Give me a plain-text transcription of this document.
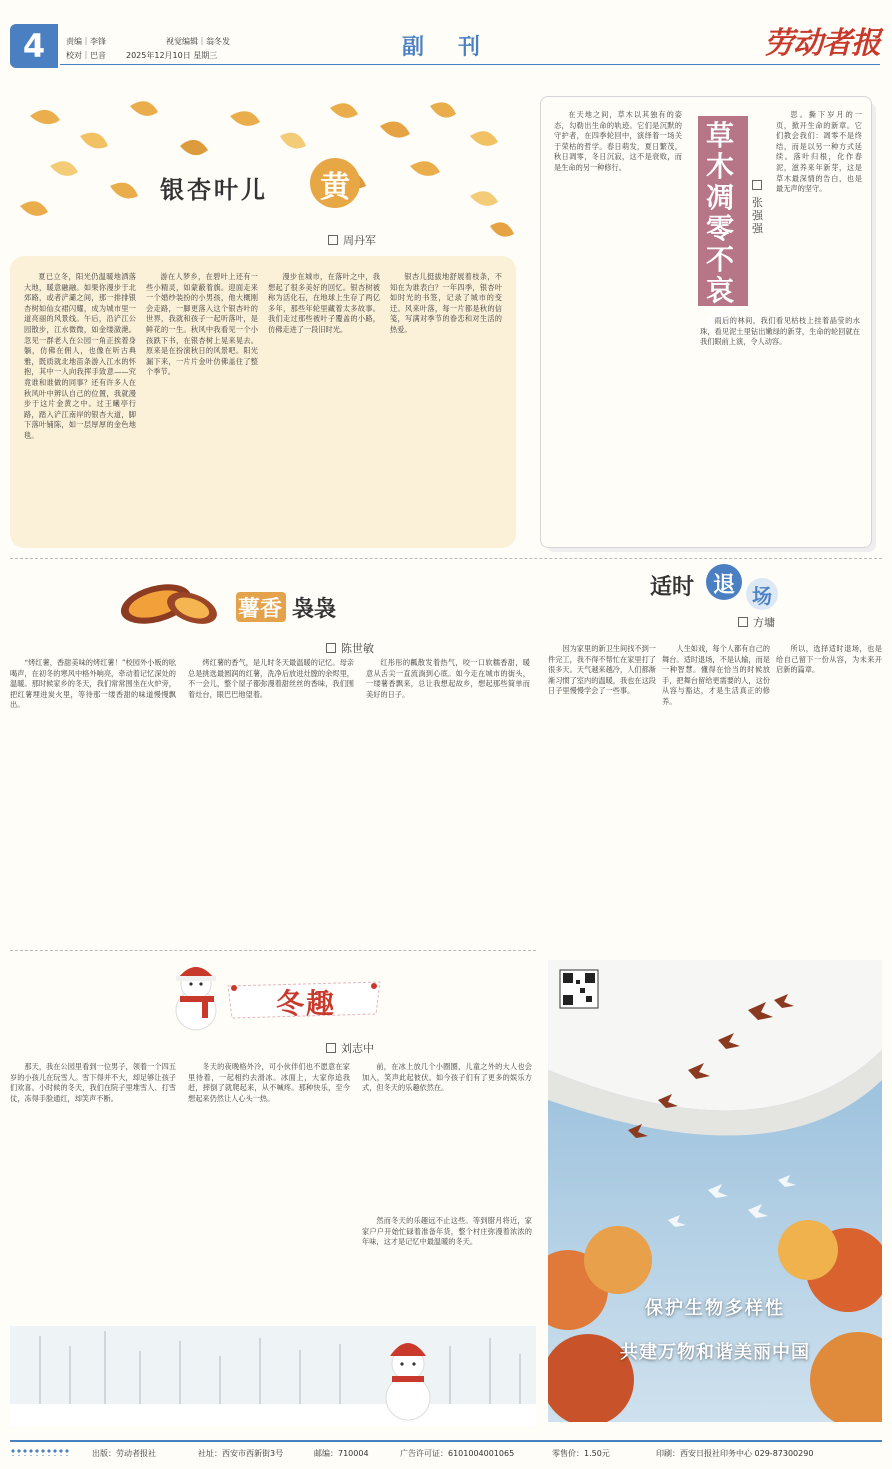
4	责编｜李锋	视觉编辑｜翁冬发
校对｜巴音	2025年12月10日 星期三	副　刊	劳动者报
银杏叶儿	黄
周丹军

夏已立冬，阳光仍温暖地洒落大地，暖意融融。如果你漫步于北郊路，或者浐灞之间，那一排排银杏树如仙女裙闪耀，成为城市里一道亮丽的风景线。午后，沿浐江公园散步，江水微微，如金缕潋滟。忽见一群老人在公园一角正挨着身躺，仿佛在佣人，也像在听古典雅，既质就北地苗条游入江水的怀抱，其中一人向我挥手致意——究竟谁和谁做的同事？还有许多人在秋风叶中辨认自己的位置，我就漫步于这片金黄之中。过王曦亭行路，踏入浐江南岸的银杏大道，脚下落叶铺陈，如一层厚厚的金色地毯。

游在人梦乡，在碧叶上还有一些小精灵，如蒙蔽着旗。迎面走来一个婚纱装扮的小男孩，他大概刚会走路，一脚更落入这个银杏叶的世界，我就和孩子一起听落叶，是鲜花的一生。秋风中我看见一个小孩跌下书，在银杏树上晃来晃去。原来是在扮演秋日的风景吧。阳光漏下来，一片片金叶仿佛盖住了整个季节。

漫步在城市，在落叶之中，我想起了很多美好的回忆。银杏树被称为活化石，在地球上生存了两亿多年，那些年轮里藏着太多故事。我们走过那些被叶子覆盖的小路，仿佛走进了一段旧时光。

银杏儿挺拔地舒展着枝条，不知在为谁表白？一年四季，银杏叶如时光的书签，记录了城市的变迁。风来叶落，每一片都是秋的信笺，写满对季节的眷恋和对生活的热爱。

草木凋零不哀伤
张强强

在天地之间，草木以其独有的姿态，勾勒出生命的轨迹。它们是沉默的守护者，在四季轮回中，演绎着一场关于荣枯的哲学。春日萌发，夏日繁茂，秋日凋零，冬日沉寂，这不是衰败，而是生命的另一种修行。

思。撕下岁月的一页，掀开生命的新章。它们教会我们：凋零不是终结，而是以另一种方式延续。落叶归根，化作春泥，滋养来年新芽，这是草木最深情的告白，也是最无声的坚守。

雨后的林间，我们看见枯枝上挂着晶莹的水珠，看见泥土里钻出嫩绿的新芽，生命的轮回就在我们眼前上演，令人动容。

薯香 袅袅
陈世敏

“烤红薯，香甜美味的烤红薯！”校园外小贩的吆喝声，在初冬的寒风中格外响亮，牵动着记忆深处的温暖。那时候家乡的冬天，我们常常围坐在火炉旁，把红薯埋进炭火里，等待那一缕香甜的味道慢慢飘出。

烤红薯的香气，是儿时冬天最温暖的记忆。母亲总是挑选最圆润的红薯，洗净后放进灶膛的余烬里，不一会儿，整个屋子都弥漫着甜丝丝的香味，我们围着灶台，眼巴巴地望着。

红彤彤的瓤散发着热气，咬一口软糯香甜，暖意从舌尖一直流淌到心底。如今走在城市的街头，一缕薯香飘来，总让我想起故乡，想起那些简单而美好的日子。

适时 退 场
方墉

因为家里的新卫生间找不到一件完工，我不得不帮忙在家里打了很多天。天气越来越冷，人们都渐渐习惯了室内的温暖，我也在这段日子里慢慢学会了一些事。

人生如戏，每个人都有自己的舞台。适时退场，不是认输，而是一种智慧。懂得在恰当的时候放手，把舞台留给更需要的人，这份从容与豁达，才是生活真正的修养。

所以，选择适时退场，也是给自己留下一份从容，为未来开启新的篇章。

冬趣
刘志中

那天，我在公园里看到一位男子，领着一个四五岁的小孩儿在玩雪人。雪下得并不大，却足够让孩子们欢喜。小时候的冬天，我们在院子里堆雪人、打雪仗，冻得手脸通红，却笑声不断。

冬天的夜晚格外冷，可小伙伴们也不愿意在家里待着，一起相约去滑冰。冰面上，大家你追我赶，摔倒了就爬起来，从不喊疼。那种快乐，至今想起来仍然让人心头一热。

前，在冰上放几个小圈圈，儿童之外的大人也会加入，笑声此起彼伏。如今孩子们有了更多的娱乐方式，但冬天的乐趣依然在。

然而冬天的乐趣远不止这些。等到腊月将近，家家户户开始忙碌着准备年货，整个村庄弥漫着浓浓的年味，这才是记忆中最温暖的冬天。

保护生物多样性
共建万物和谐美丽中国
出版：劳动者报社	社址：西安市西新街3号	邮编：710004	广告许可证：6101004001065	零售价：1.50元	印刷：西安日报社印务中心 029-87300290
